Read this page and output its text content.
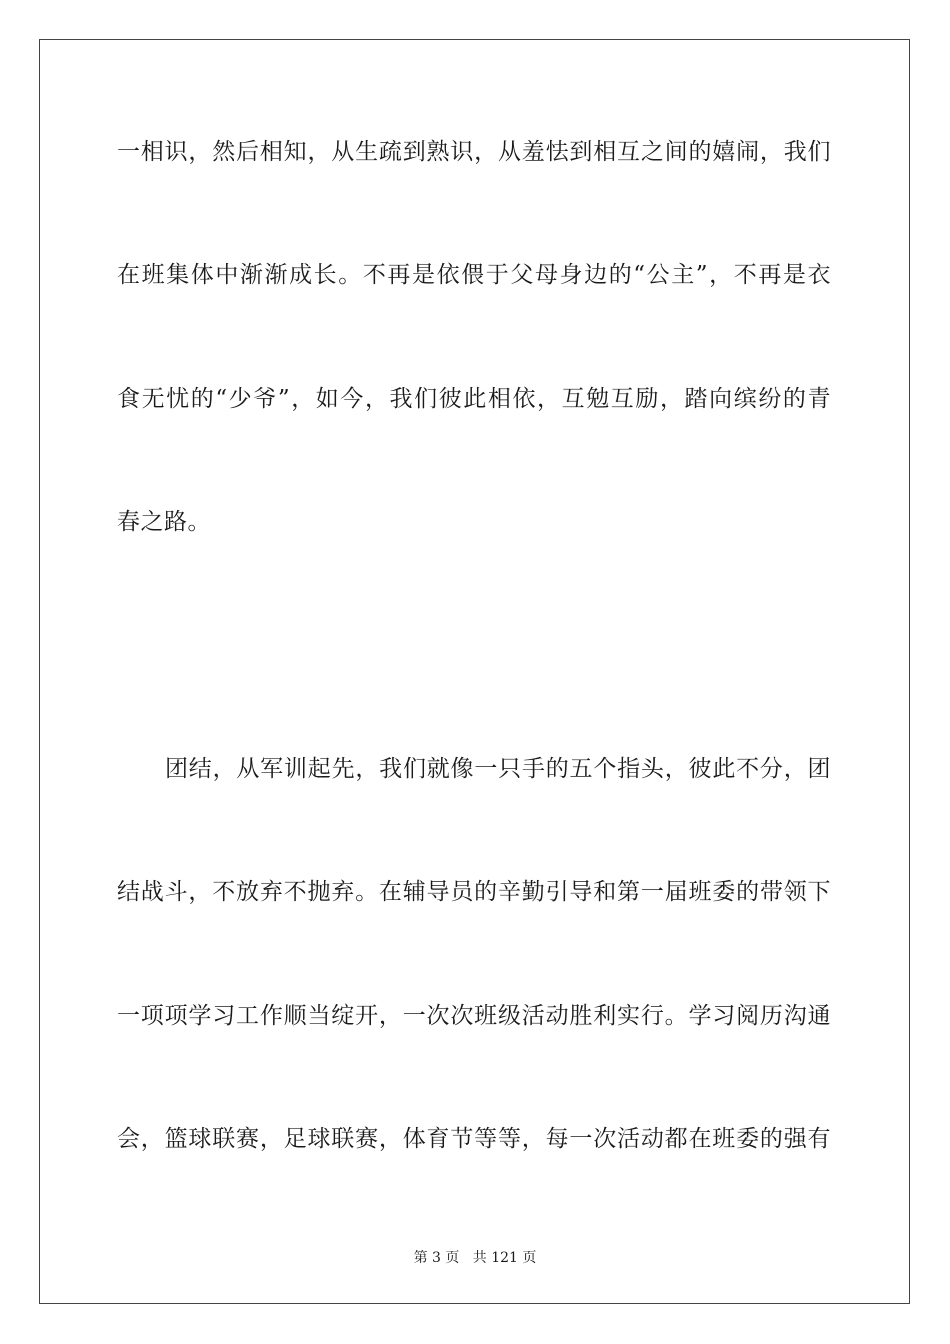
一相识，然后相知，从生疏到熟识，从羞怯到相互之间的嬉闹，我们
在班集体中渐渐成长。不再是依偎于父母身边的“公主”，不再是衣
食无忧的“少爷”，如今，我们彼此相依，互勉互励，踏向缤纷的青
春之路。
团结，从军训起先，我们就像一只手的五个指头，彼此不分，团
结战斗，不放弃不抛弃。在辅导员的辛勤引导和第一届班委的带领下
一项项学习工作顺当绽开，一次次班级活动胜利实行。学习阅历沟通
会，篮球联赛，足球联赛，体育节等等，每一次活动都在班委的强有
第 3 页   共 121 页
